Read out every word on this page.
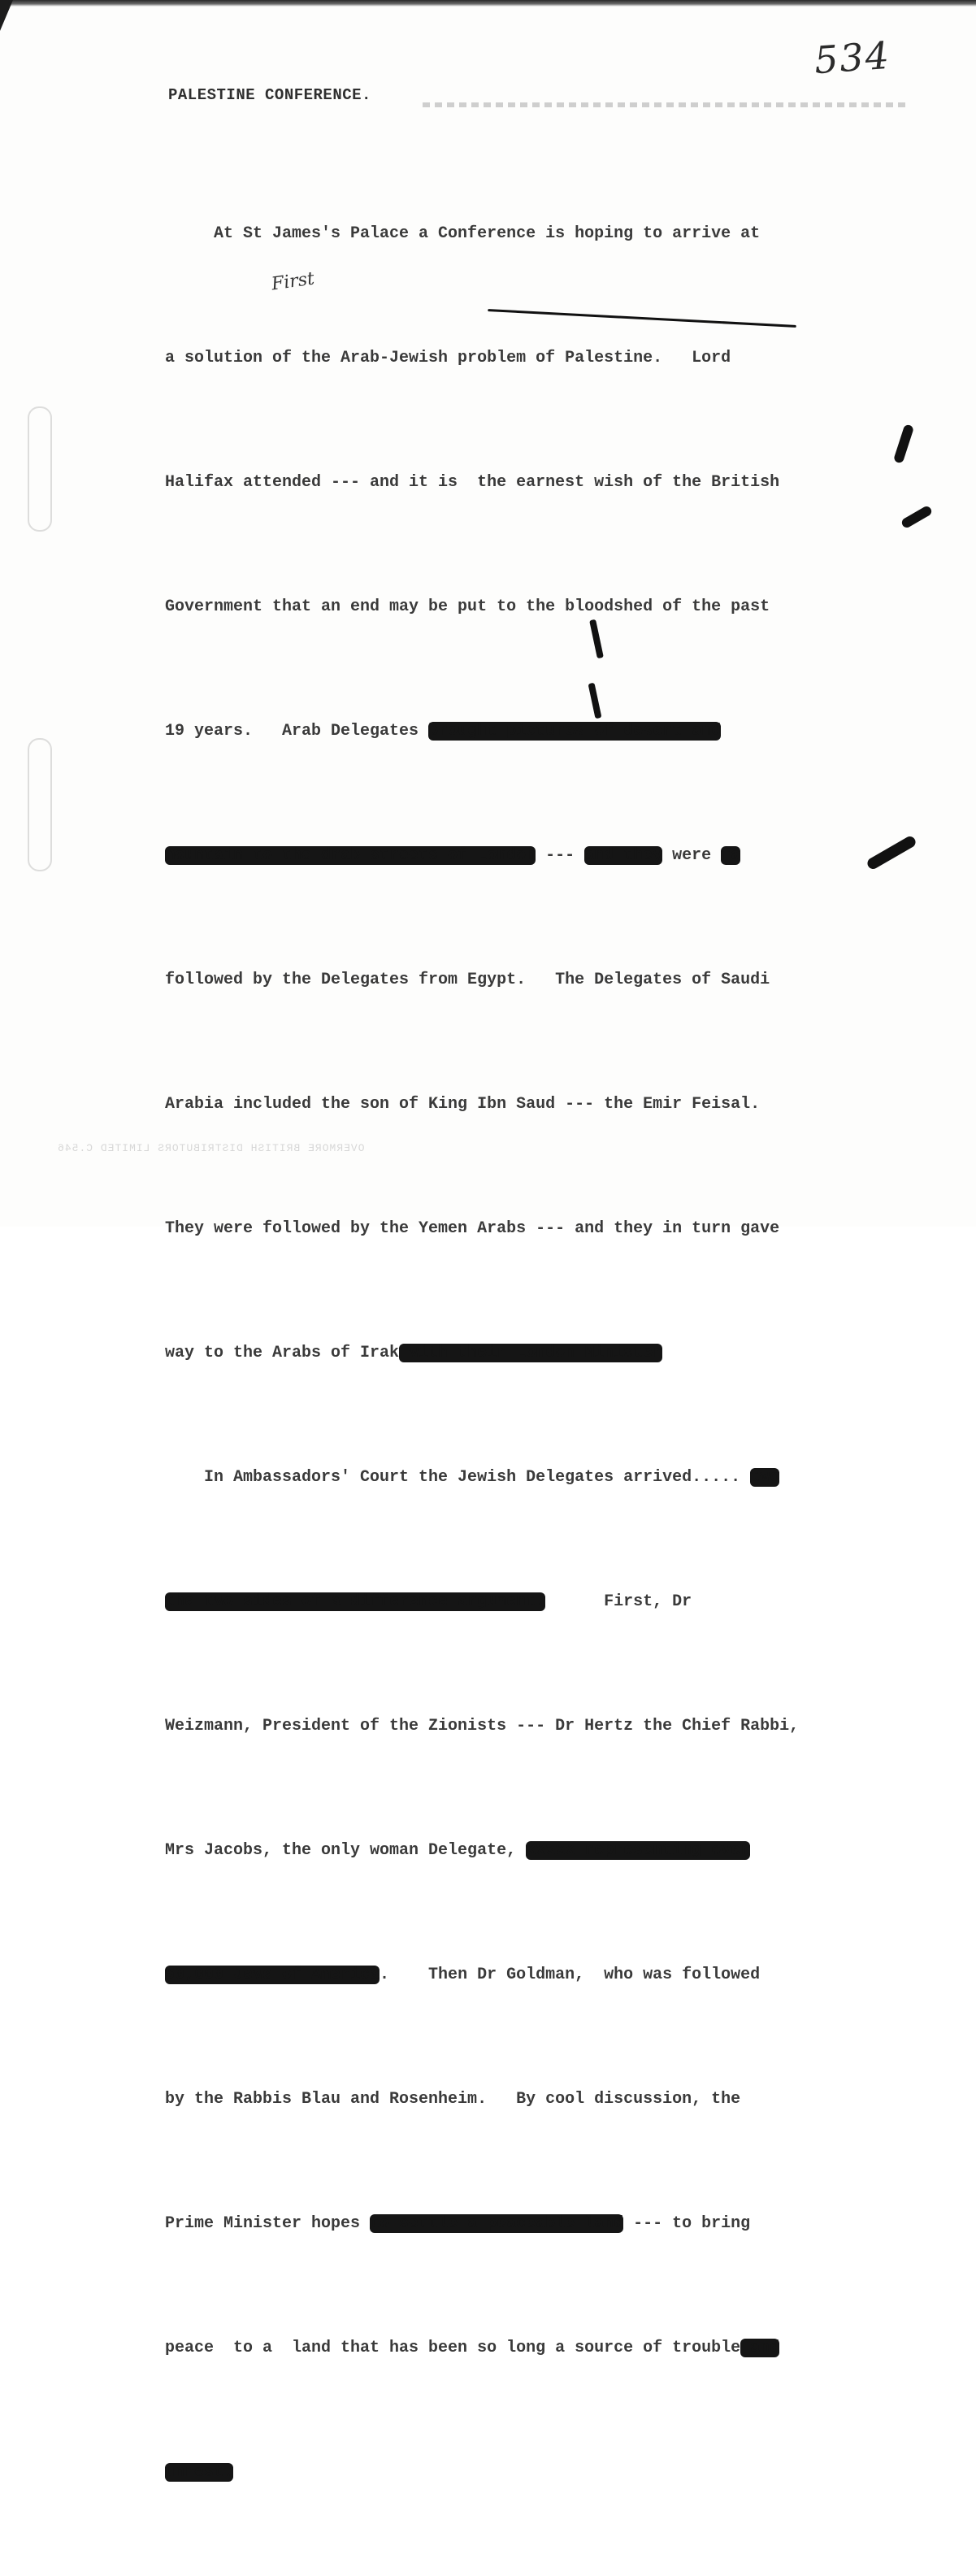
534
PALESTINE CONFERENCE.
First

At St James's Palace a Conference is hoping to arrive at

a solution of the Arab-Jewish problem of Palestine.   Lord

Halifax attended --- and it is  the earnest wish of the British

Government that an end may be put to the bloodshed of the past

19 years.   Arab Delegates brought pictures of desert and

mountain to the drab streets of London --- and they were fa

followed by the Delegates from Egypt.   The Delegates of Saudi

Arabia included the son of King Ibn Saud --- the Emir Feisal.

They were followed by the Yemen Arabs --- and they in turn gave

way to the Arabs of Irak with their London Minister

In Ambassadors' Court the Jewish Delegates arrived..... two

the two sides of a difference argument.      First, Dr

Weizmann, President of the Zionists --- Dr Hertz the Chief Rabbi,

Mrs Jacobs, the only woman Delegate, xxxxx representing over

50,000 Jews of America.    Then Dr Goldman,  who was followed

by the Rabbis Blau and Rosenheim.   By cool discussion, the

Prime Minister hopes to settle a peaceable land --- to bring

peace  to a  land that has been so long a source of trouble and

unrest.

OVERMORE BRITISH DISTRIBUTORS LIMITED C.546
